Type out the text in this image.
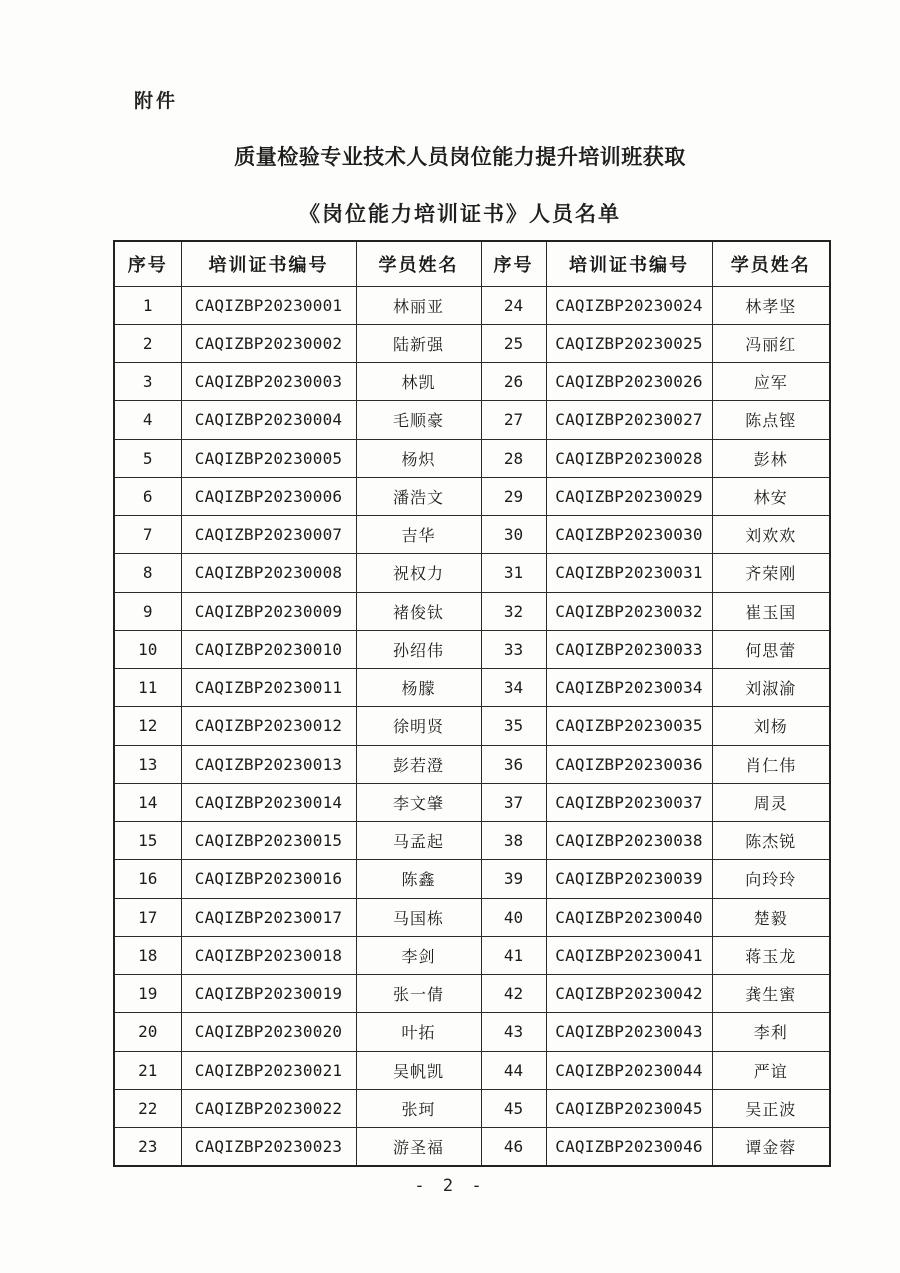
附件
质量检验专业技术人员岗位能力提升培训班获取
《岗位能力培训证书》人员名单
序号	培训证书编号	学员姓名	序号	培训证书编号	学员姓名
1	CAQIZBP20230001	林丽亚	24	CAQIZBP20230024	林孝坚
2	CAQIZBP20230002	陆新强	25	CAQIZBP20230025	冯丽红
3	CAQIZBP20230003	林凯	26	CAQIZBP20230026	应军
4	CAQIZBP20230004	毛顺豪	27	CAQIZBP20230027	陈点铿
5	CAQIZBP20230005	杨炽	28	CAQIZBP20230028	彭林
6	CAQIZBP20230006	潘浩文	29	CAQIZBP20230029	林安
7	CAQIZBP20230007	吉华	30	CAQIZBP20230030	刘欢欢
8	CAQIZBP20230008	祝权力	31	CAQIZBP20230031	齐荣刚
9	CAQIZBP20230009	褚俊钛	32	CAQIZBP20230032	崔玉国
10	CAQIZBP20230010	孙绍伟	33	CAQIZBP20230033	何思蕾
11	CAQIZBP20230011	杨朦	34	CAQIZBP20230034	刘淑渝
12	CAQIZBP20230012	徐明贤	35	CAQIZBP20230035	刘杨
13	CAQIZBP20230013	彭若澄	36	CAQIZBP20230036	肖仁伟
14	CAQIZBP20230014	李文肇	37	CAQIZBP20230037	周灵
15	CAQIZBP20230015	马孟起	38	CAQIZBP20230038	陈杰锐
16	CAQIZBP20230016	陈鑫	39	CAQIZBP20230039	向玲玲
17	CAQIZBP20230017	马国栋	40	CAQIZBP20230040	楚毅
18	CAQIZBP20230018	李剑	41	CAQIZBP20230041	蒋玉龙
19	CAQIZBP20230019	张一倩	42	CAQIZBP20230042	龚生蜜
20	CAQIZBP20230020	叶拓	43	CAQIZBP20230043	李利
21	CAQIZBP20230021	吴帆凯	44	CAQIZBP20230044	严谊
22	CAQIZBP20230022	张珂	45	CAQIZBP20230045	吴正波
23	CAQIZBP20230023	游圣福	46	CAQIZBP20230046	谭金蓉
- 2 -
